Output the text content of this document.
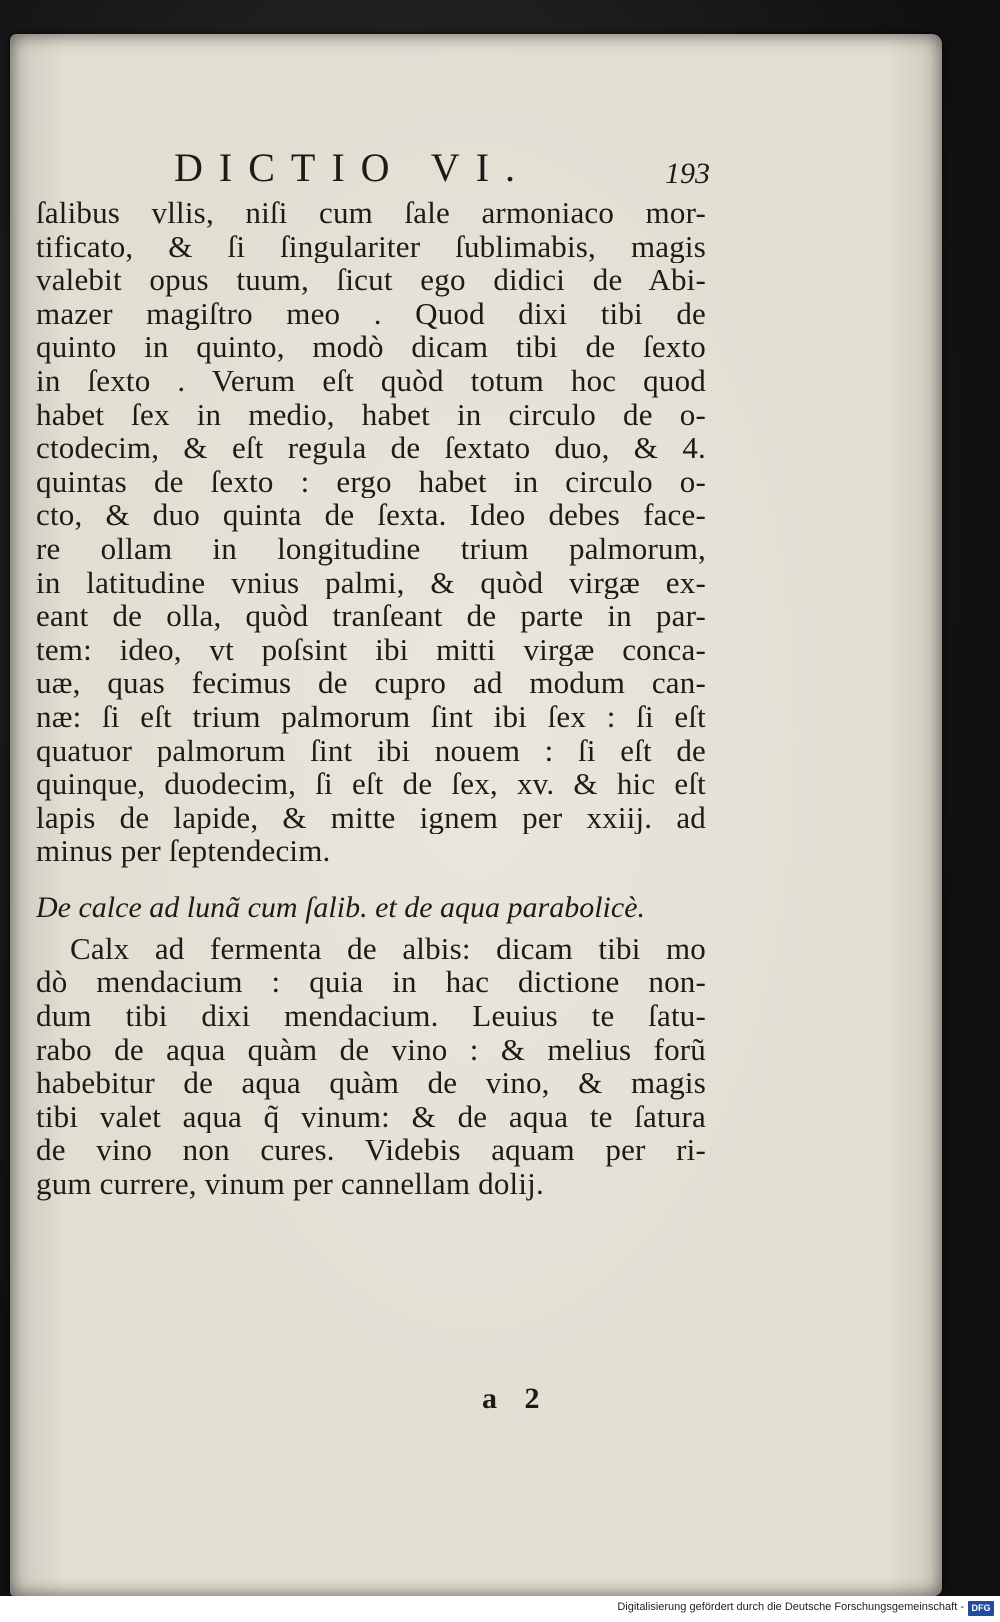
DICTIO VI.	193
ſalibus vllis, niſi cum ſale armoniaco mor-
tificato, & ſi ſingulariter ſublimabis, magis
valebit opus tuum, ſicut ego didici de Abi-
mazer magiſtro meo . Quod dixi tibi de
quinto in quinto, modò dicam tibi de ſexto
in ſexto . Verum eſt quòd totum hoc quod
habet ſex in medio, habet in circulo de o-
ctodecim, & eſt regula de ſextato duo, & 4.
quintas de ſexto : ergo habet in circulo o-
cto, & duo quinta de ſexta. Ideo debes face-
re ollam in longitudine trium palmorum,
in latitudine vnius palmi, & quòd virgæ ex-
eant de olla, quòd tranſeant de parte in par-
tem: ideo, vt poſsint ibi mitti virgæ conca-
uæ, quas fecimus de cupro ad modum can-
næ: ſi eſt trium palmorum ſint ibi ſex : ſi eſt
quatuor palmorum ſint ibi nouem : ſi eſt de
quinque, duodecim, ſi eſt de ſex, xv. & hic eſt
lapis de lapide, & mitte ignem per xxiij. ad
minus per ſeptendecim.
De calce ad lunã cum ſalib. et de aqua parabolicè.
Calx ad fermenta de albis: dicam tibi mo
dò mendacium : quia in hac dictione non-
dum tibi dixi mendacium. Leuius te ſatu-
rabo de aqua quàm de vino : & melius forũ
habebitur de aqua quàm de vino, & magis
tibi valet aqua q̃ vinum: & de aqua te ſatura
de vino non cures. Videbis aquam per ri-
gum currere, vinum per cannellam dolij.
a 2
Digitalisierung gefördert durch die Deutsche Forschungsgemeinschaft - DFG
